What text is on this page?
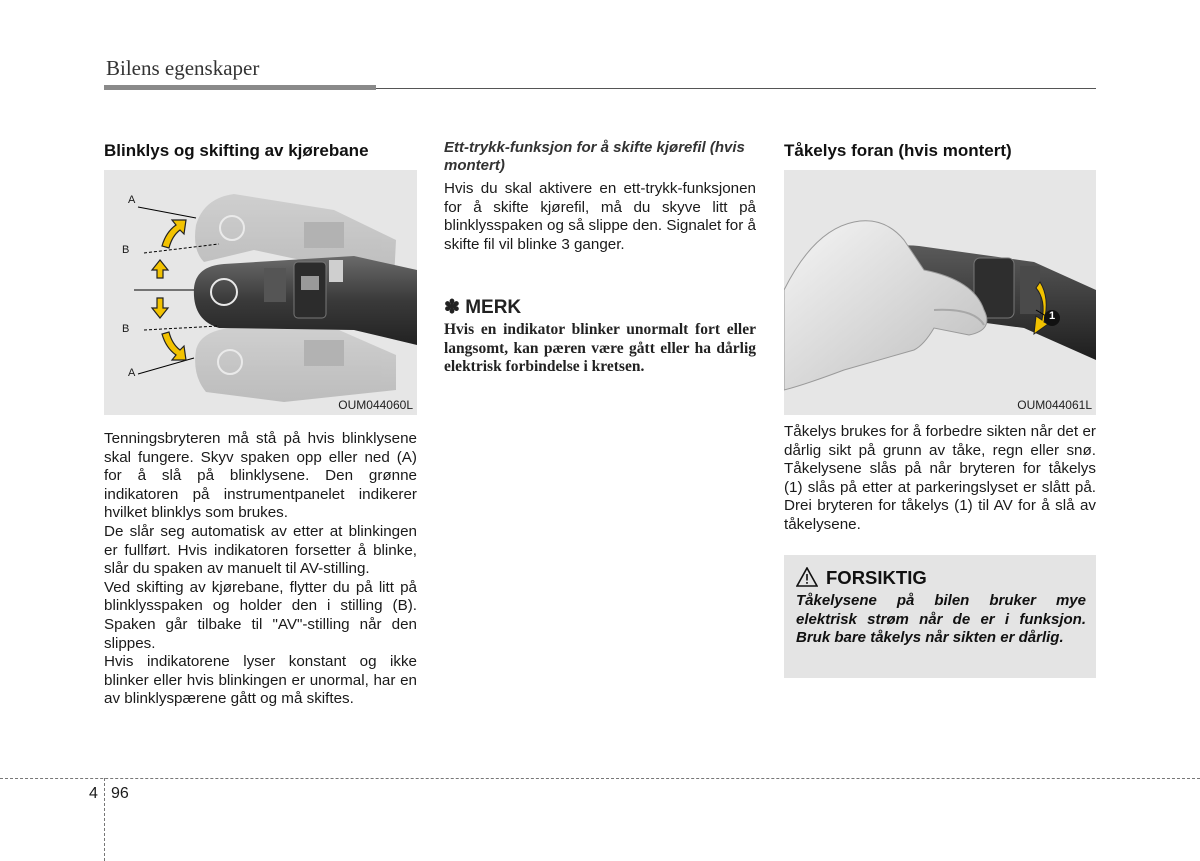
Bilens egenskaper
Blinklys og skifting av kjørebane
A
B
B
A
OUM044060L

Tenningsbryteren må stå på hvis blinklysene skal fungere. Skyv spaken opp eller ned (A) for å slå på blinklysene. Den grønne indikatoren på instrumentpanelet indikerer hvilket blinklys som brukes.

De slår seg automatisk av etter at blinkingen er fullført. Hvis indikatoren forsetter å blinke, slår du spaken av manuelt til AV-stilling.

Ved skifting av kjørebane, flytter du på litt på blinklysspaken og holder den i stilling (B). Spaken går tilbake til "AV"-stilling når den slippes.

Hvis indikatorene lyser konstant og ikke blinker eller hvis blinkingen er unormal, har en av blinklyspærene gått og må skiftes.

Ett-trykk-funksjon for å skifte kjørefil (hvis montert)

Hvis du skal aktivere en ett-trykk-funksjonen for å skifte kjørefil, må du skyve litt på blinklysspaken og så slippe den. Signalet for å skifte fil vil blinke 3 ganger.

✽ MERK
Hvis en indikator blinker unormalt fort eller langsomt, kan pæren være gått eller ha dårlig elektrisk forbindelse i kretsen.
Tåkelys foran (hvis montert)
1
OUM044061L

Tåkelys brukes for å forbedre sikten når det er dårlig sikt på grunn av tåke, regn eller snø. Tåkelysene slås på når bryteren for tåkelys (1) slås på etter at parkeringslyset er slått på. Drei bryteren for tåkelys (1) til AV for å slå av tåkelysene.

FORSIKTIG
Tåkelysene på bilen bruker mye elektrisk strøm når de er i funksjon. Bruk bare tåkelys når sikten er dårlig.
4 96
